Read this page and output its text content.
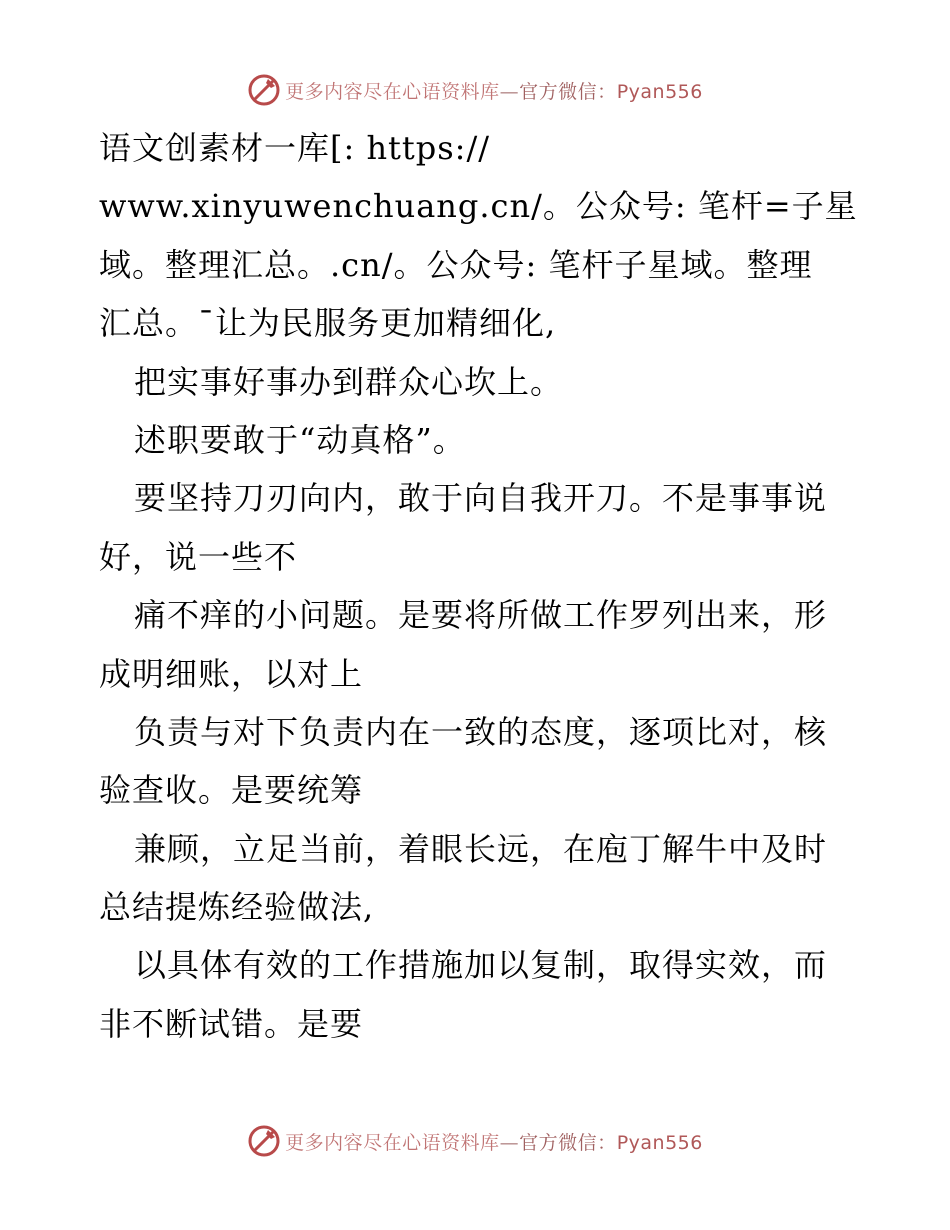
更多内容尽在心语资料库—官方微信：Pyan556
语文创素材一库[: https://
www.xinyuwenchuang.cn/。公众号: 笔杆=子星
域。整理汇总。.cn/。公众号: 笔杆子星域。整理
汇总。¯让为民服务更加精细化,
把实事好事办到群众心坎上。
述职要敢于“动真格”。
要坚持刀刃向内，敢于向自我开刀。不是事事说
好，说一些不
痛不痒的小问题。是要将所做工作罗列出来，形
成明细账，以对上
负责与对下负责内在一致的态度，逐项比对，核
验查收。是要统筹
兼顾，立足当前，着眼长远，在庖丁解牛中及时
总结提炼经验做法,
以具体有效的工作措施加以复制，取得实效，而
非不断试错。是要
更多内容尽在心语资料库—官方微信：Pyan556
